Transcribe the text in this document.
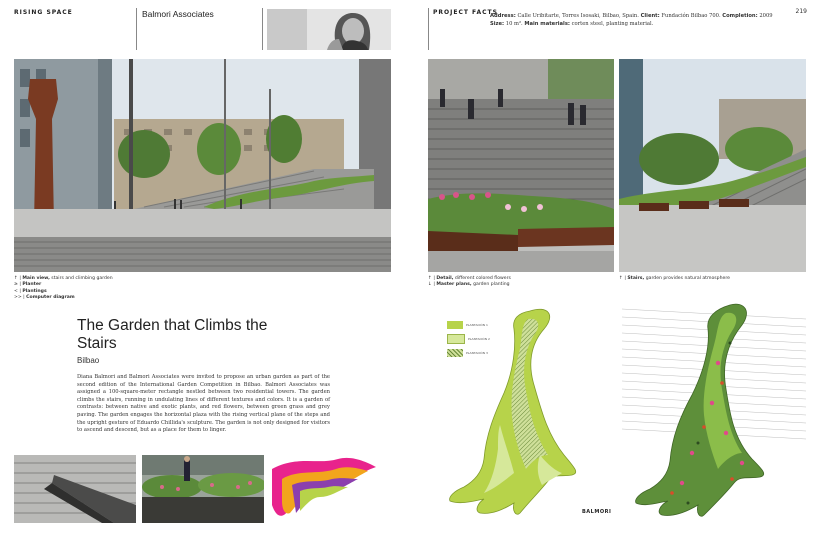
RISING SPACE	Balmori Associates	PROJECT FACTS	219
Address: Calle Uribitarte, Torres Isosaki, Bilbao, Spain. Client: Fundación Bilbao 700. Completion: 2009
Size: 10 m². Main materials: corten steel, planting material.
↑ | Main view, stairs and climbing garden
≥ | Planter
< | Plantings
>> | Computer diagram
The Garden that Climbs the
Stairs
Bilbao
Diana Balmori and Balmori Associates were invited to propose an urban garden as part of the second edition of the International Garden Competition in Bilbao. Balmori Associates was assigned a 100-square-meter rectangle nestled between two residential towers. The garden climbs the stairs, running in undulating lines of different textures and colors. It is a garden of contrasts: between native and exotic plants, and red flowers, between green grass and grey paving. The garden engages the horizontal plaza with the rising vertical plane of the steps and the upright gesture of Eduardo Chillida's sculpture. The garden is not only designed for visitors to ascend and descend, but as a place for them to linger.
↑ | Detail, different colored flowers
↓ | Master plans, garden planting
↑ | Stairs, garden provides natural atmosphere
PLANTACIÓN 1
PLANTACIÓN 2
PLANTACIÓN 3
BALMORI
